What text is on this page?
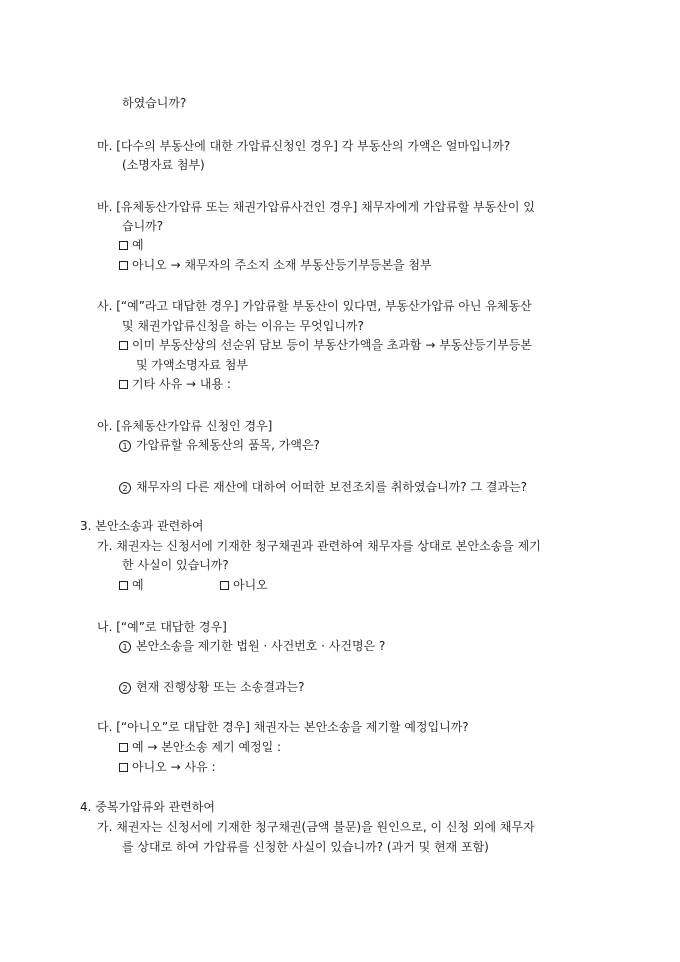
하였습니까?
마. [다수의 부동산에 대한 가압류신청인 경우] 각 부동산의 가액은 얼마입니까?
(소명자료 첨부)
바. [유체동산가압류 또는 채권가압류사건인 경우] 채무자에게 가압류할 부동산이 있
습니까?
예
아니오 → 채무자의 주소지 소재 부동산등기부등본을 첨부
사. [“예”라고 대답한 경우] 가압류할 부동산이 있다면, 부동산가압류 아닌 유체동산
및 채권가압류신청을 하는 이유는 무엇입니까?
이미 부동산상의 선순위 담보 등이 부동산가액을 초과함 → 부동산등기부등본
및 가액소명자료 첨부
기타 사유 → 내용 :
아. [유체동산가압류 신청인 경우]
1 가압류할 유체동산의 품목, 가액은?
2 채무자의 다른 재산에 대하여 어떠한 보전조치를 취하였습니까? 그 결과는?
3. 본안소송과 관련하여
가. 채권자는 신청서에 기재한 청구채권과 관련하여 채무자를 상대로 본안소송을 제기
한 사실이 있습니까?
예	아니오
나. [“예”로 대답한 경우]
1 본안소송을 제기한 법원 · 사건번호 · 사건명은 ?
2 현재 진행상황 또는 소송결과는?
다. [“아니오”로 대답한 경우] 채권자는 본안소송을 제기할 예정입니까?
예 → 본안소송 제기 예정일 :
아니오 → 사유 :
4. 중복가압류와 관련하여
가. 채권자는 신청서에 기재한 청구채권(금액 불문)을 원인으로, 이 신청 외에 채무자
를 상대로 하여 가압류를 신청한 사실이 있습니까? (과거 및 현재 포함)
